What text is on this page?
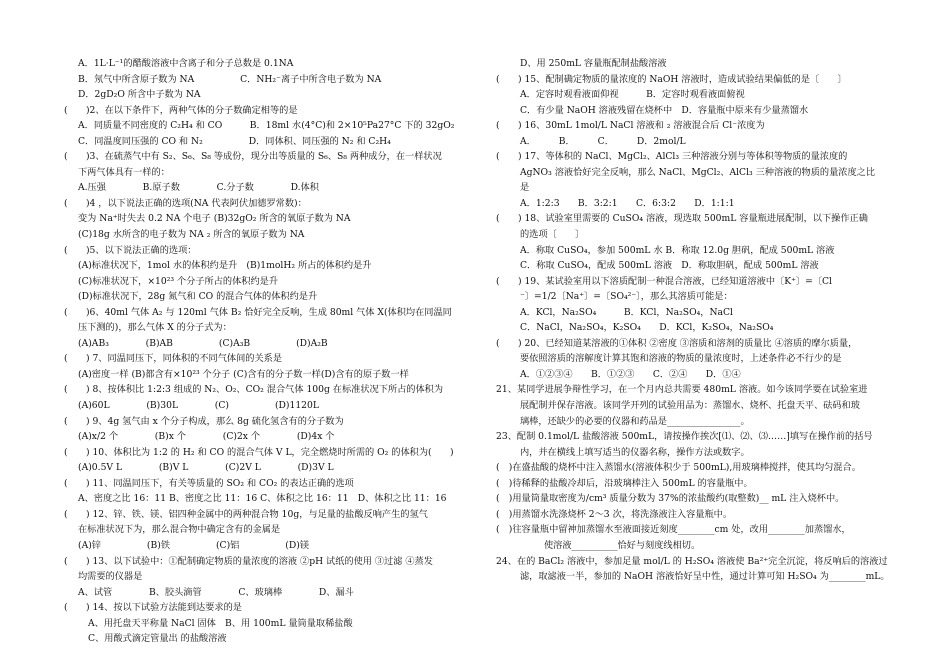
A．1L·L⁻¹的醋酸溶液中含离子和分子总数是 0.1NA
B．氖气中所含原子数为 NA　　　　　C．NH₂⁻离子中所含电子数为 NA
D．2gD₂O 所含中子数为 NA
(　　)2、在以下条件下，两种气体的分子数确定相等的是
A．同质量不同密度的 C₂H₄ 和 CO　　　B．18ml 水(4°C)和 2×10⁵Pa27°C 下的 32gO₂
C．同温度同压强的 CO 和 N₂　　　　　D．同体积、同压强的 N₂ 和 C₂H₄
(　　)3、在硫蒸气中有 S₂、S₆、S₈ 等成份，现分出等质量的 S₆、S₈ 两种成分，在一样状况
下两气体具有一样的：
A.压强　　　　B.原子数　　　　C.分子数　　　　D.体积
(　　)4 ，以下说法正确的选项(NA 代表阿伏加德罗常数)：
变为 Na⁺时失去 0.2 NA 个电子 (B)32gO₂ 所含的氧原子数为 NA
(C)18g 水所含的电子数为 NA ₂ 所含的氧原子数为 NA
(　　)5、以下说法正确的选项：
(A)标准状况下，1mol 水的体积约是升　(B)1molH₂ 所占的体积约是升
(C)标准状况下，×10²³ 个分子所占的体积约是升
(D)标准状况下，28g 氮气和 CO 的混合气体的体积约是升
(　　)6、40ml 气体 A₂ 与 120ml 气体 B₂ 恰好完全反响，生成 80ml 气体 X(体积均在同温同
压下测的)，那么气体 X 的分子式为：
(A)AB₃　　　　(B)AB　　　　　(C)A₃B　　　　　(D)A₂B
(　　) 7、同温同压下，同体积的不同气体间的关系是
(A)密度一样 (B)都含有×10²³ 个分子 (C)含有的分子数一样(D)含有的原子数一样
(　　) 8、按体积比 1:2:3 组成的 N₂、O₂、CO₂ 混合气体 100g 在标准状况下所占的体积为
(A)60L　　　　(B)30L　　　　(C)　　　　　(D)1120L
(　　) 9、4g 氢气由 x 个分子构成，那么 8g 硫化氢含有的分子数为
(A)x/2 个　　　　(B)x 个　　　　(C)2x 个　　　　(D)4x 个
(　　) 10、体积比为 1:2 的 H₂ 和 CO 的混合气体 V L，完全燃烧时所需的 O₂ 的体积为(　　)
(A)0.5V L　　　　(B)V L　　　　(C)2V L　　　　(D)3V L
(　　) 11、同温同压下，有关等质量的 SO₂ 和 CO₂ 的表达正确的选项
A、密度之比 16：11 B、密度之比 11：16 C、体积之比 16：11　D、体积之比 11：16
(　　) 12、锌、铁、镁、铝四种金属中的两种混合物 10g，与足量的盐酸反响产生的氢气
在标准状况下为，那么混合物中确定含有的金属是
(A)锌　　　　　(B)铁　　　　　(C)铝　　　　　(D)镁
(　　) 13、以下试验中：①配制确定物质的量浓度的溶液 ②pH 试纸的使用 ③过滤 ④蒸发
均需要的仪器是
A、试管　　　　B、胶头滴管　　　　C、玻璃棒　　　　D、漏斗
(　　) 14、按以下试验方法能到达要求的是
A、用托盘天平称量 NaCl 固体　B、用 100mL 量筒量取稀盐酸
C、用酸式滴定管量出 的盐酸溶液
D、用 250mL 容量瓶配制盐酸溶液
(　　) 15、配制确定物质的量浓度的 NaOH 溶液时，造成试验结果偏低的是〔　　〕
A．定容时观看液面仰视　　　B．定容时观看液面俯视
C．有少量 NaOH 溶液残留在烧杯中　D．容量瓶中原来有少量蒸馏水
(　　) 16、30mL 1mol/L NaCl 溶液和 ₂ 溶液混合后 Cl⁻浓度为
A．　　　B．　　　C．　　　D．2mol/L
(　　) 17、等体积的 NaCl、MgCl₂、AlCl₃ 三种溶液分别与等体积等物质的量浓度的
AgNO₃ 溶液恰好完全反响，那么 NaCl、MgCl₂、AlCl₃ 三种溶液的物质的量浓度之比
是
A．1:2:3　　B．3:2:1　　C．6:3:2　　D．1:1:1
(　　) 18、试验室里需要的 CuSO₄ 溶液，现选取 500mL 容量瓶进展配制，以下操作正确
的选项〔　　〕
A．称取 CuSO₄，参加 500mL 水 B．称取 12.0g 胆矾，配成 500mL 溶液
C．称取 CuSO₄，配成 500mL 溶液　D．称取胆矾，配成 500mL 溶液
(　　) 19、某试验室用以下溶质配制一种混合溶液，已经知道溶液中〔K⁺〕=〔Cl
⁻〕=1/2〔Na⁺〕=〔SO₄²⁻〕，那么其溶质可能是：
A．KCl，Na₂SO₄　　　B．KCl，Na₂SO₄，NaCl
C．NaCl，Na₂SO₄，K₂SO₄　　D．KCl，K₂SO₄，Na₂SO₄
(　　) 20、已经知道某溶液的①体积 ②密度 ③溶质和溶剂的质量比 ④溶质的摩尔质量，
要依照溶质的溶解度计算其饱和溶液的物质的量浓度时，上述条件必不行少的是
A．①②③④　　B．①②③　　C．②④　　D．①④
21、某同学进展争辩性学习，在一个月内总共需要 480mL 溶液。如今该同学要在试验室进
展配制并保存溶液。该同学开列的试验用品为：蒸馏水、烧杯、托盘天平、砝码和玻
璃棒，还缺少的必要的仪器和药品是________________。
23、配制 0.1mol/L 盐酸溶液 500mL，请按操作挨次[⑴、⑵、⑶……]填写在操作前的括号
内，并在横线上填写适当的仪器名称，操作方法或数字。
(　)在盛盐酸的烧杯中注入蒸馏水(溶液体积少于 500mL),用玻璃棒搅拌，使其均匀混合。
(　)待稀释的盐酸冷却后，沿玻璃棒注入 500mL 的容量瓶中。
(　)用量筒量取密度为/cm³ 质量分数为 37%的浓盐酸约(取整数)__ mL 注入烧杯中。
(　)用蒸馏水洗涤烧杯 2～3 次，将洗涤液注入容量瓶中。
(　)往容量瓶中留神加蒸馏水至液面接近刻度________cm 处，改用________加蒸馏水，
使溶液__________恰好与刻度线相切。
24、在的 BaCl₂ 溶液中，参加足量 mol/L 的 H₂SO₄ 溶液使 Ba²⁺完全沉淀，将反响后的溶液过
滤，取滤液一半，参加的 NaOH 溶液恰好呈中性，通过计算可知 H₂SO₄ 为________mL。
